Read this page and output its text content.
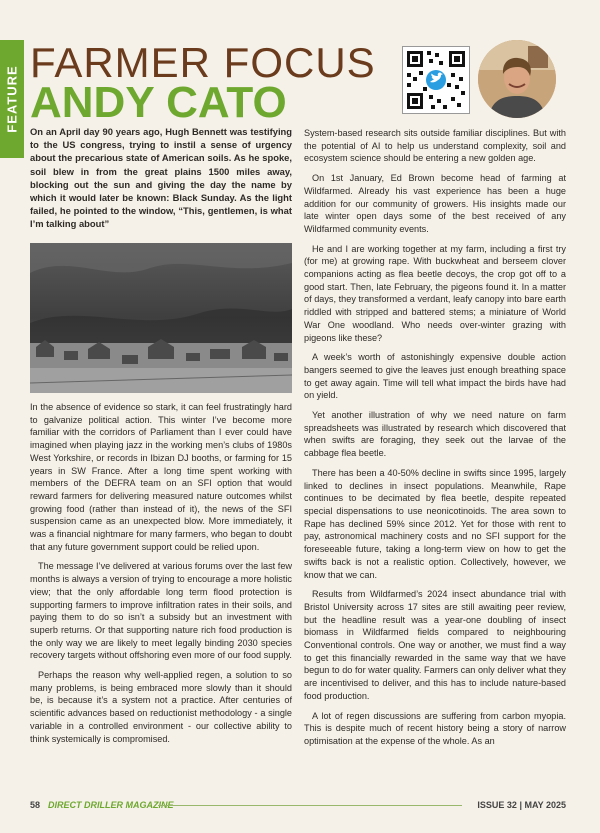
FEATURE
FARMER FOCUS
ANDY CATO
On an April day 90 years ago, Hugh Bennett was testifying to the US congress, trying to instil a sense of urgency about the precarious state of American soils. As he spoke, soil blew in from the great plains 1500 miles away, blocking out the sun and giving the day the name by which it would later be known: Black Sunday. As the light failed, he pointed to the window, “This, gentlemen, is what I’m talking about”

In the absence of evidence so stark, it can feel frustratingly hard to galvanize political action. This winter I’ve become more familiar with the corridors of Parliament than I ever could have imagined when playing jazz in the working men’s clubs of 1980s West Yorkshire, or records in Ibizan DJ booths, or farming for 15 years in SW France. After a long time spent working with members of the DEFRA team on an SFI option that would reward farmers for delivering measured nature outcomes whilst growing food (rather than instead of it), the news of the SFI suspension came as an unexpected blow. More immediately, it was a financial nightmare for many farmers, who began to doubt that any future government support could be relied upon.

The message I’ve delivered at various forums over the last few months is always a version of trying to encourage a more holistic view; that the only affordable long term flood protection is supporting farmers to improve infiltration rates in their soils, and paying them to do so isn’t a subsidy but an investment with superb returns. Or that supporting nature rich food production is the only way we are likely to meet legally binding 2030 species recovery targets without offshoring even more of our food supply.

Perhaps the reason why well-applied regen, a solution to so many problems, is being embraced more slowly than it should be, is because it’s a system not a practice. After centuries of scientific advances based on reductionist methodology - a single variable in a controlled environment - our collective ability to think systemically is compromised.

System-based research sits outside familiar disciplines. But with the potential of AI to help us understand complexity, soil and ecosystem science should be entering a new golden age.

On 1st January, Ed Brown become head of farming at Wildfarmed. Already his vast experience has been a huge addition for our community of growers. His insights made our late winter open days some of the best received of any Wildfarmed community events.

He and I are working together at my farm, including a first try (for me) at growing rape. With buckwheat and berseem clover companions acting as flea beetle decoys, the crop got off to a good start. Then, late February, the pigeons found it. In a matter of days, they transformed a verdant, leafy canopy into bare earth riddled with stripped and battered stems; a miniature of World War One woodland. Who needs over-winter grazing with pigeons like these?

A week’s worth of astonishingly expensive double action bangers seemed to give the leaves just enough breathing space to get away again. Time will tell what impact the birds have had on yield.

Yet another illustration of why we need nature on farm spreadsheets was illustrated by research which discovered that when swifts are foraging, they seek out the larvae of the cabbage flea beetle.

There has been a 40-50% decline in swifts since 1995, largely linked to declines in insect populations. Meanwhile, Rape continues to be decimated by flea beetle, despite repeated special dispensations to use neonicotinoids. The area sown to Rape has declined 59% since 2012. Yet for those with rent to pay, astronomical machinery costs and no SFI support for the foreseeable future, taking a long-term view on how to get the swifts back is not a realistic option. Collectively, however, we know that we can.

Results from Wildfarmed’s 2024 insect abundance trial with Bristol University across 17 sites are still awaiting peer review, but the headline result was a year-one doubling of insect biomass in Wildfarmed fields compared to neighbouring Conventional controls. One way or another, we must find a way to get this financially rewarded in the same way that we have begun to do for water quality. Farmers can only deliver what they are incentivised to deliver, and this has to include nature-based food production.

A lot of regen discussions are suffering from carbon myopia. This is despite much of recent history being a story of narrow optimisation at the expense of the whole. As an

58 DIRECT DRILLER MAGAZINE	ISSUE 32 | MAY 2025
